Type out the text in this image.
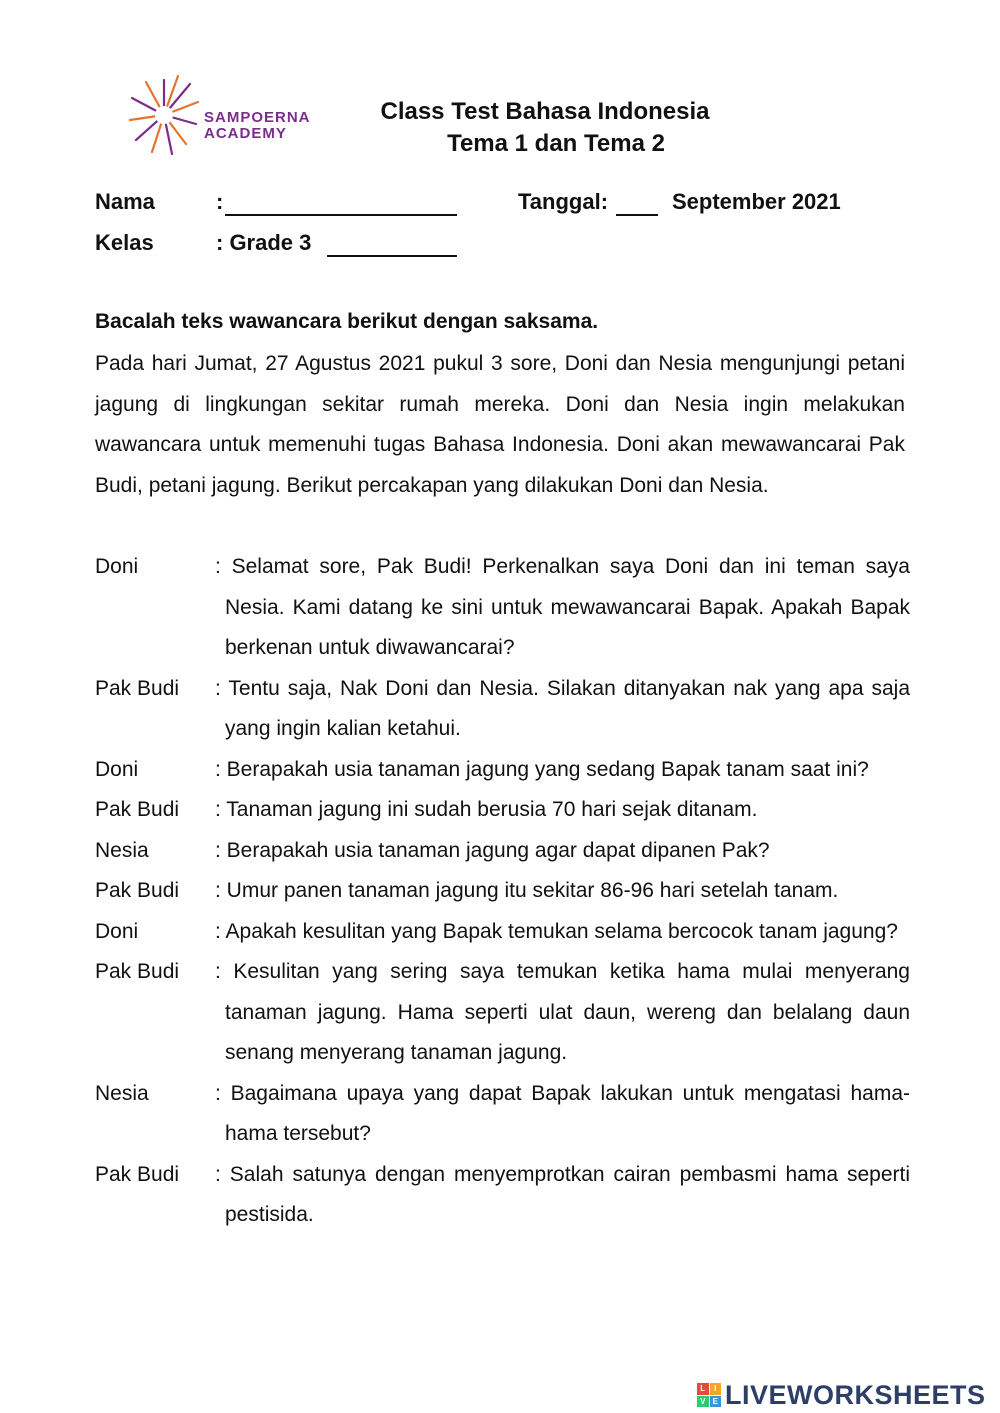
SAMPOERNA
ACADEMY
Class Test Bahasa Indonesia
Tema 1 dan Tema 2
Nama	:	Tanggal:	September 2021
Kelas	: Grade 3
Bacalah teks wawancara berikut dengan saksama.
Pada hari Jumat, 27 Agustus 2021 pukul 3 sore, Doni dan Nesia mengunjungi petani jagung di lingkungan sekitar rumah mereka. Doni dan Nesia ingin melakukan wawancara untuk memenuhi tugas Bahasa Indonesia. Doni akan mewawancarai Pak Budi, petani jagung. Berikut percakapan yang dilakukan Doni dan Nesia.
Doni	: Selamat sore, Pak Budi! Perkenalkan saya Doni dan ini teman saya Nesia. Kami datang ke sini untuk mewawancarai Bapak. Apakah Bapak berkenan untuk diwawancarai?
Pak Budi : Tentu saja, Nak Doni dan Nesia. Silakan ditanyakan nak yang apa saja yang ingin kalian ketahui.
Doni	: Berapakah usia tanaman jagung yang sedang Bapak tanam saat ini?
Pak Budi : Tanaman jagung ini sudah berusia 70 hari sejak ditanam.
Nesia	: Berapakah usia tanaman jagung agar dapat dipanen Pak?
Pak Budi : Umur panen tanaman jagung itu sekitar 86-96 hari setelah tanam.
Doni	: Apakah kesulitan yang Bapak temukan selama bercocok tanam jagung?
Pak Budi : Kesulitan yang sering saya temukan ketika hama mulai menyerang tanaman jagung. Hama seperti ulat daun, wereng dan belalang daun senang menyerang tanaman jagung.
Nesia	: Bagaimana upaya yang dapat Bapak lakukan untuk mengatasi hama-hama tersebut?
Pak Budi : Salah satunya dengan menyemprotkan cairan pembasmi hama seperti pestisida.
L	I
V E LIVEWORKSHEETS
